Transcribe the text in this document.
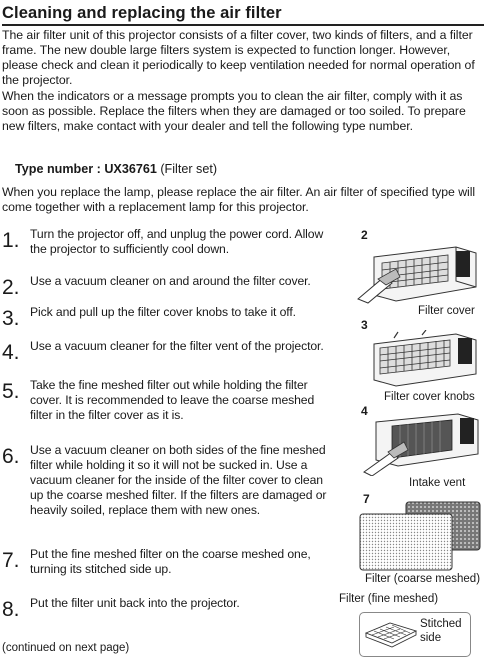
Cleaning and replacing the air filter
The air filter unit of this projector consists of a filter cover, two kinds of filters, and a filter frame. The new double large filters system is expected to function longer. However, please check and clean it periodically to keep ventilation needed for normal operation of the projector.
When the indicators or a message prompts you to clean the air filter, comply with it as soon as possible. Replace the filters when they are damaged or too soiled. To prepare new filters, make contact with your dealer and tell the following type number.
Type number : UX36761 (Filter set)
When you replace the lamp, please replace the air filter. An air filter of specified type will come together with a replacement lamp for this projector.
1. Turn the projector off, and unplug the power cord. Allow the projector to sufficiently cool down.
2. Use a vacuum cleaner on and around the filter cover.
3. Pick and pull up the filter cover knobs to take it off.
4. Use a vacuum cleaner for the filter vent of the projector.
5. Take the fine meshed filter out while holding the filter cover. It is recommended to leave the coarse meshed filter in the filter cover as it is.
6. Use a vacuum cleaner on both sides of the fine meshed filter while holding it so it will not be sucked in. Use a vacuum cleaner for the inside of the filter cover to clean up the coarse meshed filter. If the filters are damaged or heavily soiled, replace them with new ones.
7. Put the fine meshed filter on the coarse meshed one, turning its stitched side up.
8. Put the filter unit back into the projector.
(continued on next page)
2
Filter cover
3
Filter cover knobs
4
Intake vent
7
Filter (coarse meshed)
Filter (fine meshed)
Stitched
side
